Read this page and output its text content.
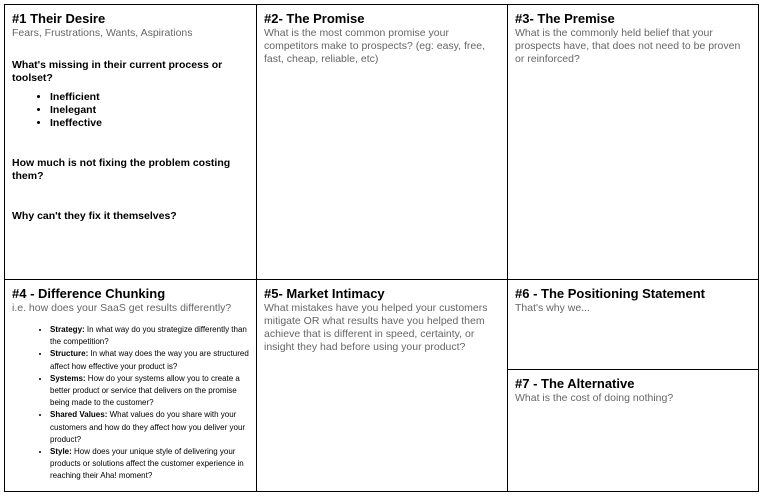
#1 Their Desire

Fears, Frustrations, Wants, Aspirations

What's missing in their current process or toolset?

• Inefficient
• Inelegant
• Ineffective

How much is not fixing the problem costing them?

Why can't they fix it themselves?

#2- The Promise

What is the most common promise your competitors make to prospects? (eg: easy, free, fast, cheap, reliable, etc)

#3- The Premise

What is the commonly held belief that your prospects have, that does not need to be proven or reinforced?

#4 - Difference Chunking

i.e. how does your SaaS get results differently?

• Strategy: In what way do you strategize differently than the competition?
• Structure: In what way does the way you are structured affect how effective your product is?
• Systems: How do your systems allow you to create a better product or service that delivers on the promise being made to the customer?
• Shared Values: What values do you share with your customers and how do they affect how you deliver your product?
• Style: How does your unique style of delivering your products or solutions affect the customer experience in reaching their Aha! moment?

#5- Market Intimacy

What mistakes have you helped your customers mitigate OR what results have you helped them achieve that is different in speed, certainty, or insight they had before using your product?

#6 - The Positioning Statement

That's why we...

#7 - The Alternative

What is the cost of doing nothing?
